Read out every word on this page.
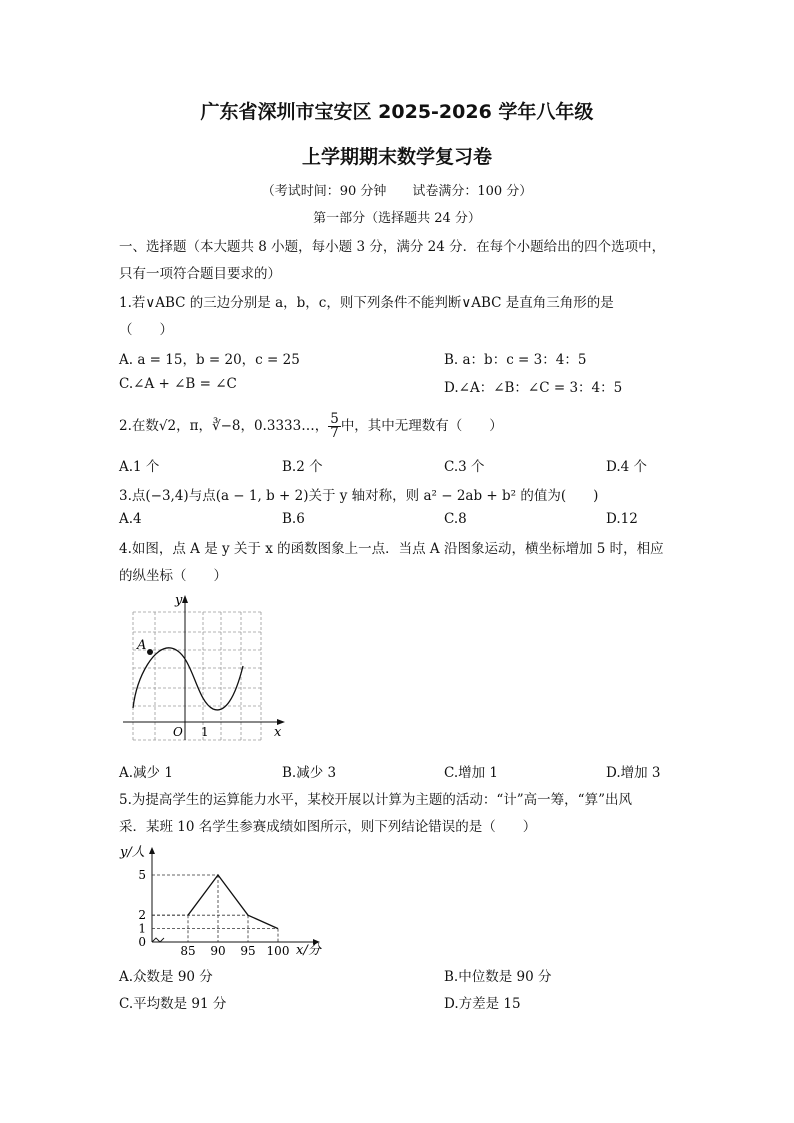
广东省深圳市宝安区 2025-2026 学年八年级
上学期期末数学复习卷
（考试时间：90 分钟　　试卷满分：100 分）
第一部分（选择题共 24 分）
一、选择题（本大题共 8 小题，每小题 3 分，满分 24 分．在每个小题给出的四个选项中，
只有一项符合题目要求的）
1.若∨ABC 的三边分别是 a，b，c，则下列条件不能判断∨ABC 是直角三角形的是
（　　）
A. a = 15，b = 20，c = 25	B. a：b：c = 3：4：5
C.∠A + ∠B = ∠C	D.∠A：∠B：∠C = 3：4：5
2.在数√2，π，∛−8，0.3333…， $\frac{5}{7}$ 中，其中无理数有（　　）
A.1 个	B.2 个	C.3 个	D.4 个
3.点(−3,4)与点(a − 1, b + 2)关于 y 轴对称，则 a² − 2ab + b² 的值为(　　)
A.4	B.6	C.8	D.12
4.如图，点 A 是 y 关于 x 的函数图象上一点．当点 A 沿图象运动，横坐标增加 5 时，相应
的纵坐标（　　）
A
y
x
O 1
A.减少 1	B.减少 3	C.增加 1	D.增加 3
5.为提高学生的运算能力水平，某校开展以计算为主题的活动：“计”高一筹，“算”出风
采．某班 10 名学生参赛成绩如图所示，则下列结论错误的是（　　）
y/人
x/分
85 90 95 100
0
1
2
5
A.众数是 90 分	B.中位数是 90 分
C.平均数是 91 分	D.方差是 15
